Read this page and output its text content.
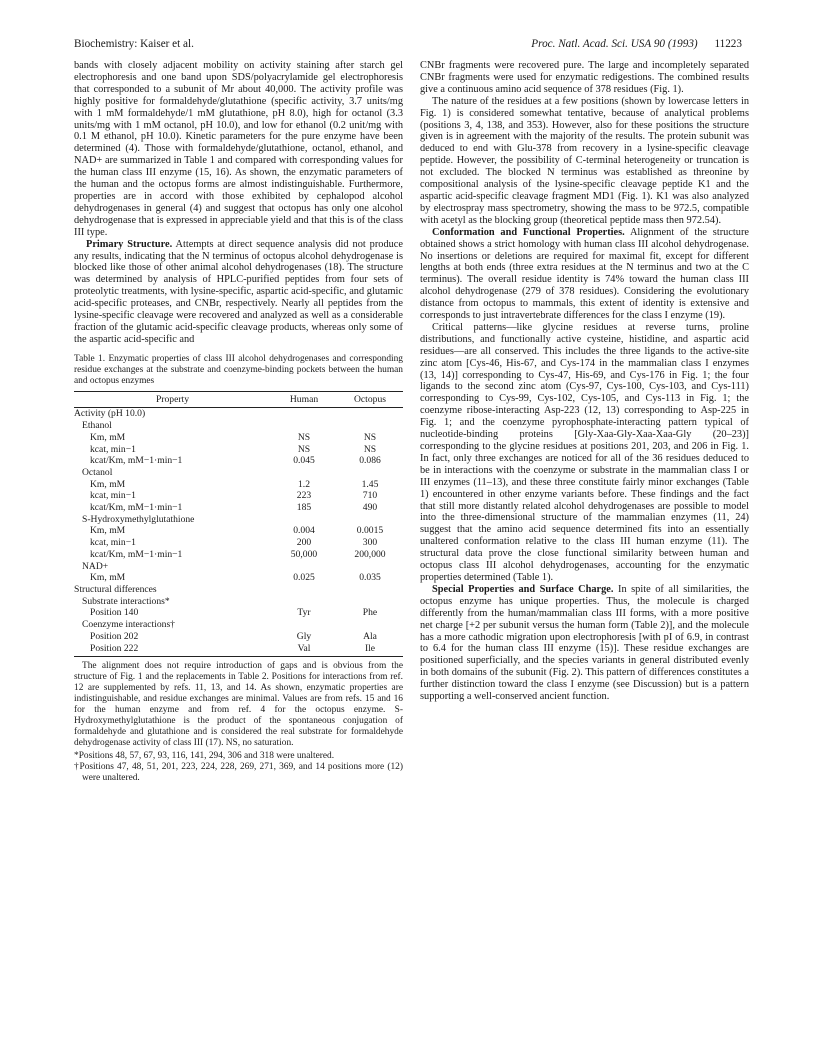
Biochemistry: Kaiser et al.	Proc. Natl. Acad. Sci. USA 90 (1993) 11223

bands with closely adjacent mobility on activity staining after starch gel electrophoresis and one band upon SDS/polyacrylamide gel electrophoresis that corresponded to a subunit of Mr about 40,000. The activity profile was highly positive for formaldehyde/glutathione (specific activity, 3.7 units/mg with 1 mM formaldehyde/1 mM glutathione, pH 8.0), high for octanol (3.3 units/mg with 1 mM octanol, pH 10.0), and low for ethanol (0.2 unit/mg with 0.1 M ethanol, pH 10.0). Kinetic parameters for the pure enzyme have been determined (4). Those with formaldehyde/glutathione, octanol, ethanol, and NAD+ are summarized in Table 1 and compared with corresponding values for the human class III enzyme (15, 16). As shown, the enzymatic parameters of the human and the octopus forms are almost indistinguishable. Furthermore, properties are in accord with those exhibited by cephalopod alcohol dehydrogenases in general (4) and suggest that octopus has only one alcohol dehydrogenase that is expressed in appreciable yield and that this is of the class III type.

Primary Structure. Attempts at direct sequence analysis did not produce any results, indicating that the N terminus of octopus alcohol dehydrogenase is blocked like those of other animal alcohol dehydrogenases (18). The structure was determined by analysis of HPLC-purified peptides from four sets of proteolytic treatments, with lysine-specific, aspartic acid-specific, and glutamic acid-specific proteases, and CNBr, respectively. Nearly all peptides from the lysine-specific cleavage were recovered and analyzed as well as a considerable fraction of the glutamic acid-specific cleavage products, whereas only some of the aspartic acid-specific and

Table 1. Enzymatic properties of class III alcohol dehydrogenases and corresponding residue exchanges at the substrate and coenzyme-binding pockets between the human and octopus enzymes
Property	Human	Octopus
Activity (pH 10.0)		
Ethanol		
Km, mM	NS	NS
kcat, min−1	NS	NS
kcat/Km, mM−1·min−1	0.045	0.086
Octanol		
Km, mM	1.2	1.45
kcat, min−1	223	710
kcat/Km, mM−1·min−1	185	490
S-Hydroxymethylglutathione		
Km, mM	0.004	0.0015
kcat, min−1	200	300
kcat/Km, mM−1·min−1	50,000	200,000
NAD+		
Km, mM	0.025	0.035
Structural differences		
Substrate interactions*		
Position 140	Tyr	Phe
Coenzyme interactions†		
Position 202	Gly	Ala
Position 222	Val	Ile

The alignment does not require introduction of gaps and is obvious from the structure of Fig. 1 and the replacements in Table 2. Positions for interactions from ref. 12 are supplemented by refs. 11, 13, and 14. As shown, enzymatic properties are indistinguishable, and residue exchanges are minimal. Values are from refs. 15 and 16 for the human enzyme and from ref. 4 for the octopus enzyme. S-Hydroxymethylglutathione is the product of the spontaneous conjugation of formaldehyde and glutathione and is considered the real substrate for formaldehyde dehydrogenase activity of class III (17). NS, no saturation.

*Positions 48, 57, 67, 93, 116, 141, 294, 306 and 318 were unaltered.

†Positions 47, 48, 51, 201, 223, 224, 228, 269, 271, 369, and 14 positions more (12) were unaltered.

CNBr fragments were recovered pure. The large and incompletely separated CNBr fragments were used for enzymatic redigestions. The combined results give a continuous amino acid sequence of 378 residues (Fig. 1).

The nature of the residues at a few positions (shown by lowercase letters in Fig. 1) is considered somewhat tentative, because of analytical problems (positions 3, 4, 138, and 353). However, also for these positions the structure given is in agreement with the majority of the results. The protein subunit was deduced to end with Glu-378 from recovery in a lysine-specific cleavage peptide. However, the possibility of C-terminal heterogeneity or truncation is not excluded. The blocked N terminus was established as threonine by compositional analysis of the lysine-specific cleavage peptide K1 and the aspartic acid-specific cleavage fragment MD1 (Fig. 1). K1 was also analyzed by electrospray mass spectrometry, showing the mass to be 972.5, compatible with acetyl as the blocking group (theoretical peptide mass then 972.54).

Conformation and Functional Properties. Alignment of the structure obtained shows a strict homology with human class III alcohol dehydrogenase. No insertions or deletions are required for maximal fit, except for different lengths at both ends (three extra residues at the N terminus and two at the C terminus). The overall residue identity is 74% toward the human class III alcohol dehydrogenase (279 of 378 residues). Considering the evolutionary distance from octopus to mammals, this extent of identity is extensive and corresponds to just intravertebrate differences for the class I enzyme (19).

Critical patterns—like glycine residues at reverse turns, proline distributions, and functionally active cysteine, histidine, and aspartic acid residues—are all conserved. This includes the three ligands to the active-site zinc atom [Cys-46, His-67, and Cys-174 in the mammalian class I enzymes (13, 14)] corresponding to Cys-47, His-69, and Cys-176 in Fig. 1; the four ligands to the second zinc atom (Cys-97, Cys-100, Cys-103, and Cys-111) corresponding to Cys-99, Cys-102, Cys-105, and Cys-113 in Fig. 1; the coenzyme ribose-interacting Asp-223 (12, 13) corresponding to Asp-225 in Fig. 1; and the coenzyme pyrophosphate-interacting pattern typical of nucleotide-binding proteins [Gly-Xaa-Gly-Xaa-Xaa-Gly (20–23)] corresponding to the glycine residues at positions 201, 203, and 206 in Fig. 1. In fact, only three exchanges are noticed for all of the 36 residues deduced to be in interactions with the coenzyme or substrate in the mammalian class I or III enzymes (11–13), and these three constitute fairly minor exchanges (Table 1) encountered in other enzyme variants before. These findings and the fact that still more distantly related alcohol dehydrogenases are possible to model into the three-dimensional structure of the mammalian enzymes (11, 24) suggest that the amino acid sequence determined fits into an essentially unaltered conformation relative to the class III human enzyme (11). The structural data prove the close functional similarity between human and octopus class III alcohol dehydrogenases, accounting for the enzymatic properties determined (Table 1).

Special Properties and Surface Charge. In spite of all similarities, the octopus enzyme has unique properties. Thus, the molecule is charged differently from the human/mammalian class III forms, with a more positive net charge [+2 per subunit versus the human form (Table 2)], and the molecule has a more cathodic migration upon electrophoresis [with pI of 6.9, in contrast to 6.4 for the human class III enzyme (15)]. These residue exchanges are positioned superficially, and the species variants in general distributed evenly in both domains of the subunit (Fig. 2). This pattern of differences constitutes a further distinction toward the class I enzyme (see Discussion) but is a pattern supporting a well-conserved ancient function.
